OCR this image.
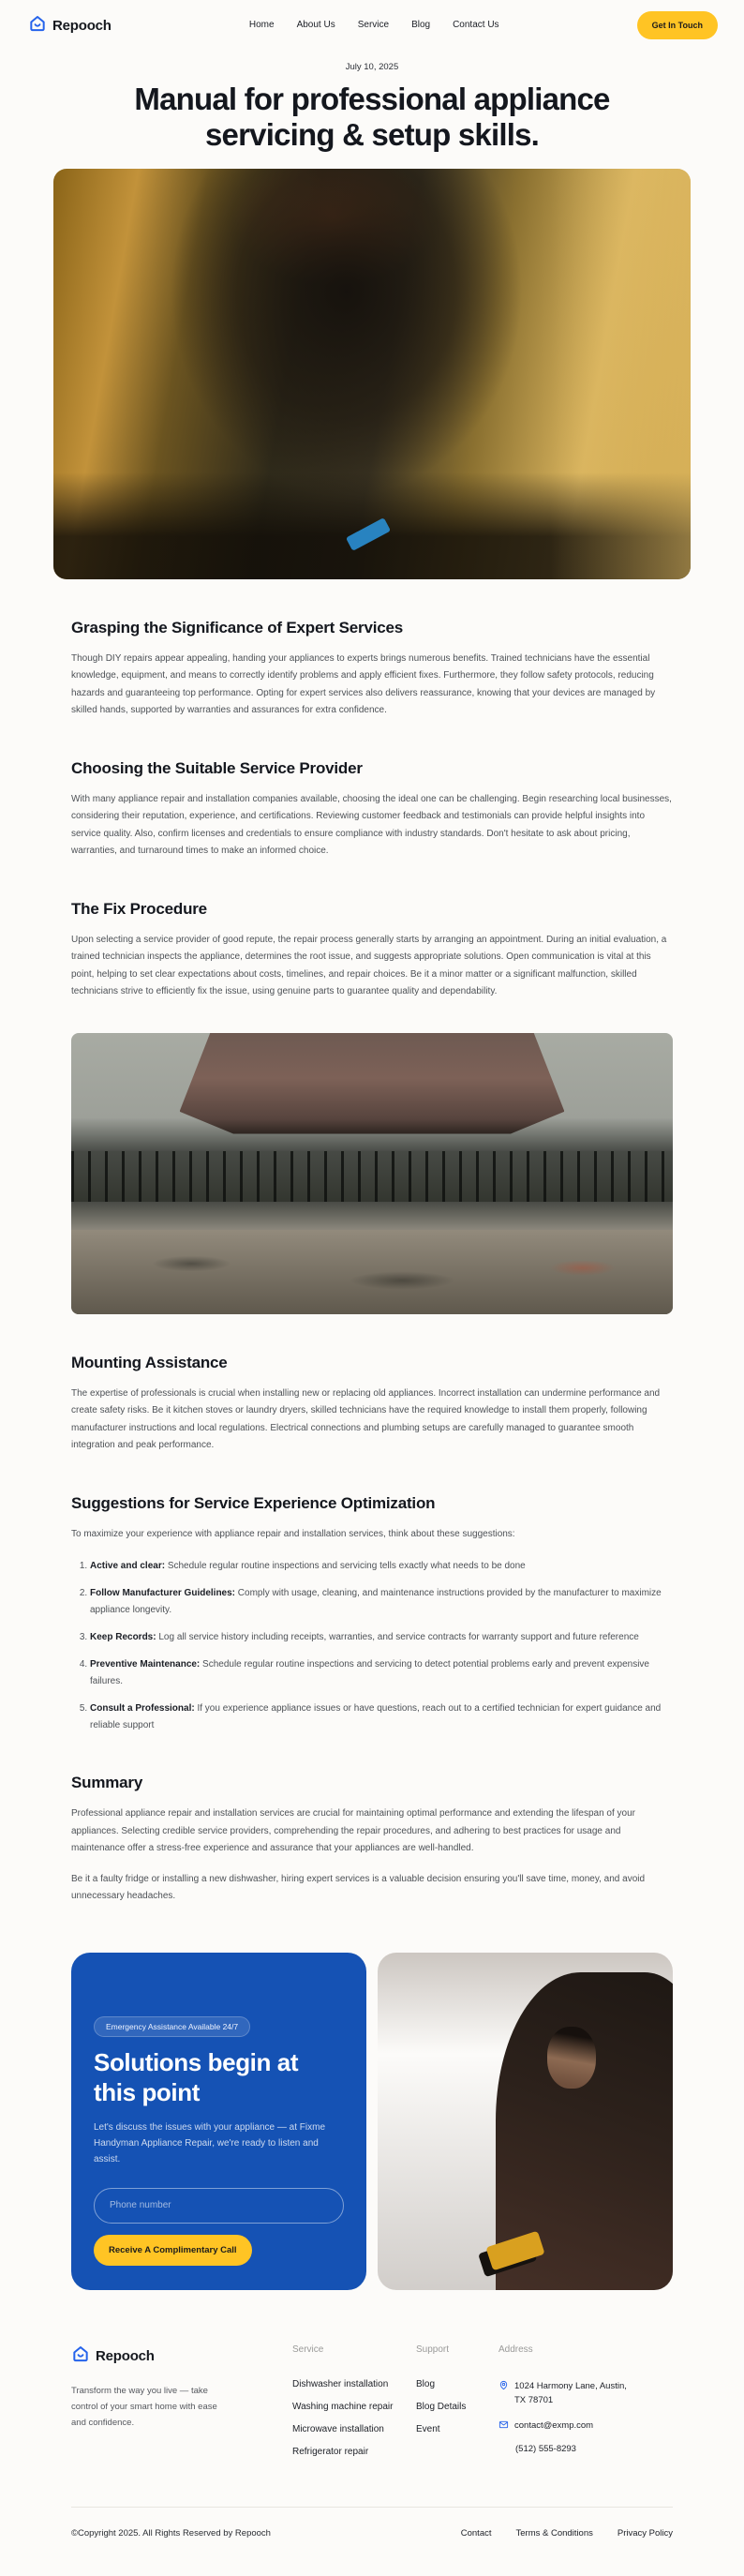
Repooch	Home About Us Service Blog Contact Us	Get In Touch
July 10, 2025
Manual for professional appliance servicing & setup skills.
Grasping the Significance of Expert Services

Though DIY repairs appear appealing, handing your appliances to experts brings numerous benefits. Trained technicians have the essential knowledge, equipment, and means to correctly identify problems and apply efficient fixes. Furthermore, they follow safety protocols, reducing hazards and guaranteeing top performance. Opting for expert services also delivers reassurance, knowing that your devices are managed by skilled hands, supported by warranties and assurances for extra confidence.

Choosing the Suitable Service Provider

With many appliance repair and installation companies available, choosing the ideal one can be challenging. Begin researching local businesses, considering their reputation, experience, and certifications. Reviewing customer feedback and testimonials can provide helpful insights into service quality. Also, confirm licenses and credentials to ensure compliance with industry standards. Don't hesitate to ask about pricing, warranties, and turnaround times to make an informed choice.

The Fix Procedure

Upon selecting a service provider of good repute, the repair process generally starts by arranging an appointment. During an initial evaluation, a trained technician inspects the appliance, determines the root issue, and suggests appropriate solutions. Open communication is vital at this point, helping to set clear expectations about costs, timelines, and repair choices. Be it a minor matter or a significant malfunction, skilled technicians strive to efficiently fix the issue, using genuine parts to guarantee quality and dependability.

Mounting Assistance

The expertise of professionals is crucial when installing new or replacing old appliances. Incorrect installation can undermine performance and create safety risks. Be it kitchen stoves or laundry dryers, skilled technicians have the required knowledge to install them properly, following manufacturer instructions and local regulations. Electrical connections and plumbing setups are carefully managed to guarantee smooth integration and peak performance.

Suggestions for Service Experience Optimization

To maximize your experience with appliance repair and installation services, think about these suggestions:

1. Active and clear: Schedule regular routine inspections and servicing tells exactly what needs to be done
2. Follow Manufacturer Guidelines: Comply with usage, cleaning, and maintenance instructions provided by the manufacturer to maximize appliance longevity.
3. Keep Records: Log all service history including receipts, warranties, and service contracts for warranty support and future reference
4. Preventive Maintenance: Schedule regular routine inspections and servicing to detect potential problems early and prevent expensive failures.
5. Consult a Professional: If you experience appliance issues or have questions, reach out to a certified technician for expert guidance and reliable support
Summary

Professional appliance repair and installation services are crucial for maintaining optimal performance and extending the lifespan of your appliances. Selecting credible service providers, comprehending the repair procedures, and adhering to best practices for usage and maintenance offer a stress-free experience and assurance that your appliances are well-handled.

Be it a faulty fridge or installing a new dishwasher, hiring expert services is a valuable decision ensuring you'll save time, money, and avoid unnecessary headaches.

Emergency Assistance Available 24/7
Solutions begin at this point

Let's discuss the issues with your appliance — at Fixme Handyman Appliance Repair, we're ready to listen and assist.

Phone number
Receive A Complimentary Call
Repooch

Transform the way you live — take control of your smart home with ease and confidence.

Service
Dishwasher installation
Washing machine repair
Microwave installation
Refrigerator repair
Support
Blog
Blog Details
Event
Address
1024 Harmony Lane, Austin, TX 78701
contact@exmp.com
(512) 555-8293
©Copyright 2025. All Rights Reserved by Repooch	Contact	Terms & Conditions	Privacy Policy
